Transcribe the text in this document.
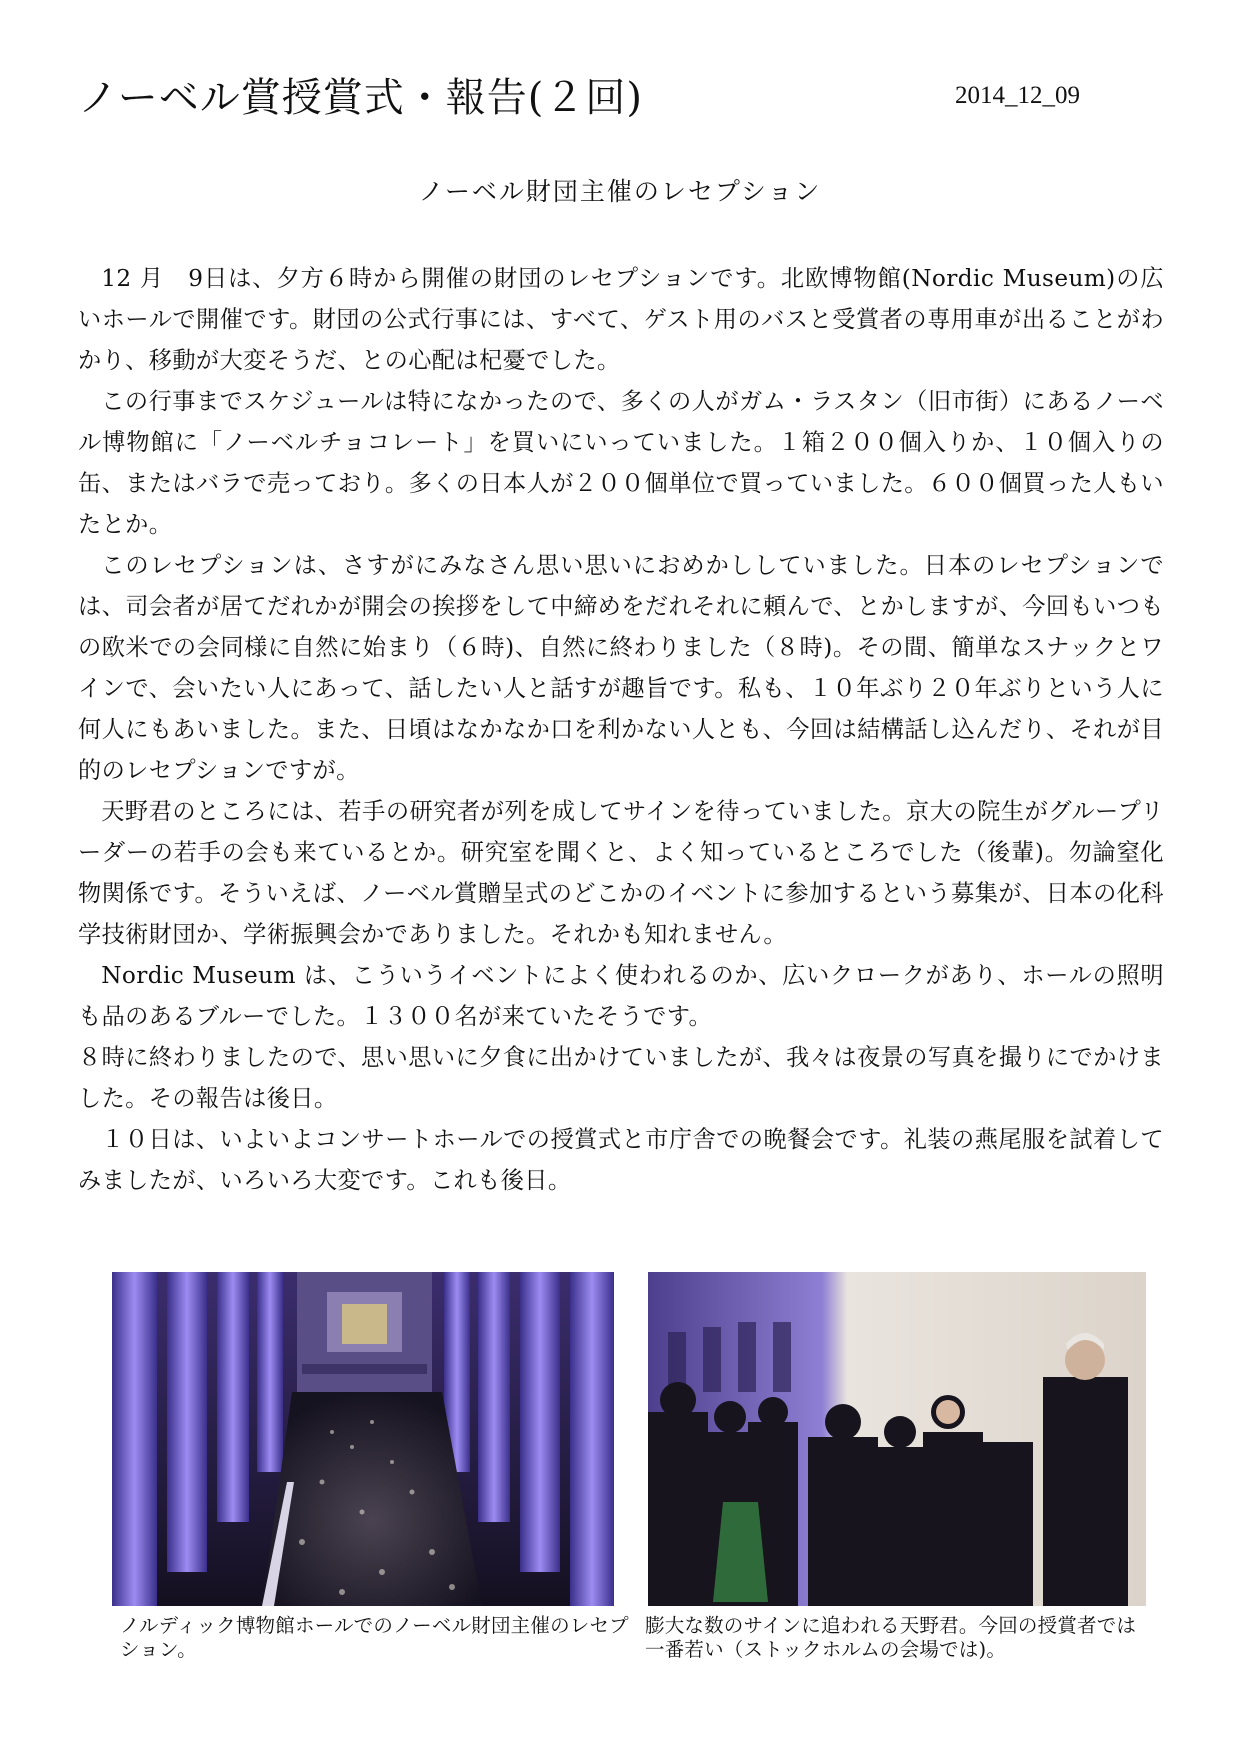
ノーベル賞授賞式・報告(２回)	2014_12_09
ノーベル財団主催のレセプション

12 月　9日は、夕方６時から開催の財団のレセプションです。北欧博物館(Nordic Museum)の広いホールで開催です。財団の公式行事には、すべて、ゲスト用のバスと受賞者の専用車が出ることがわかり、移動が大変そうだ、との心配は杞憂でした。

この行事までスケジュールは特になかったので、多くの人がガム・ラスタン（旧市街）にあるノーベル博物館に「ノーベルチョコレート」を買いにいっていました。１箱２００個入りか、１０個入りの缶、またはバラで売っており。多くの日本人が２００個単位で買っていました。６００個買った人もいたとか。

このレセプションは、さすがにみなさん思い思いにおめかししていました。日本のレセプションでは、司会者が居てだれかが開会の挨拶をして中締めをだれそれに頼んで、とかしますが、今回もいつもの欧米での会同様に自然に始まり（６時)、自然に終わりました（８時)。その間、簡単なスナックとワインで、会いたい人にあって、話したい人と話すが趣旨です。私も、１０年ぶり２０年ぶりという人に何人にもあいました。また、日頃はなかなか口を利かない人とも、今回は結構話し込んだり、それが目的のレセプションですが。

天野君のところには、若手の研究者が列を成してサインを待っていました。京大の院生がグループリーダーの若手の会も来ているとか。研究室を聞くと、よく知っているところでした（後輩)。勿論窒化物関係です。そういえば、ノーベル賞贈呈式のどこかのイベントに参加するという募集が、日本の化科学技術財団か、学術振興会かでありました。それかも知れません。

Nordic Museum は、こういうイベントによく使われるのか、広いクロークがあり、ホールの照明も品のあるブルーでした。１３００名が来ていたそうです。

８時に終わりましたので、思い思いに夕食に出かけていましたが、我々は夜景の写真を撮りにでかけました。その報告は後日。

１０日は、いよいよコンサートホールでの授賞式と市庁舎での晩餐会です。礼装の燕尾服を試着してみましたが、いろいろ大変です。これも後日。

ノルディック博物館ホールでのノーベル財団主催のレセプション。
膨大な数のサインに追われる天野君。今回の授賞者では一番若い（ストックホルムの会場では)。
